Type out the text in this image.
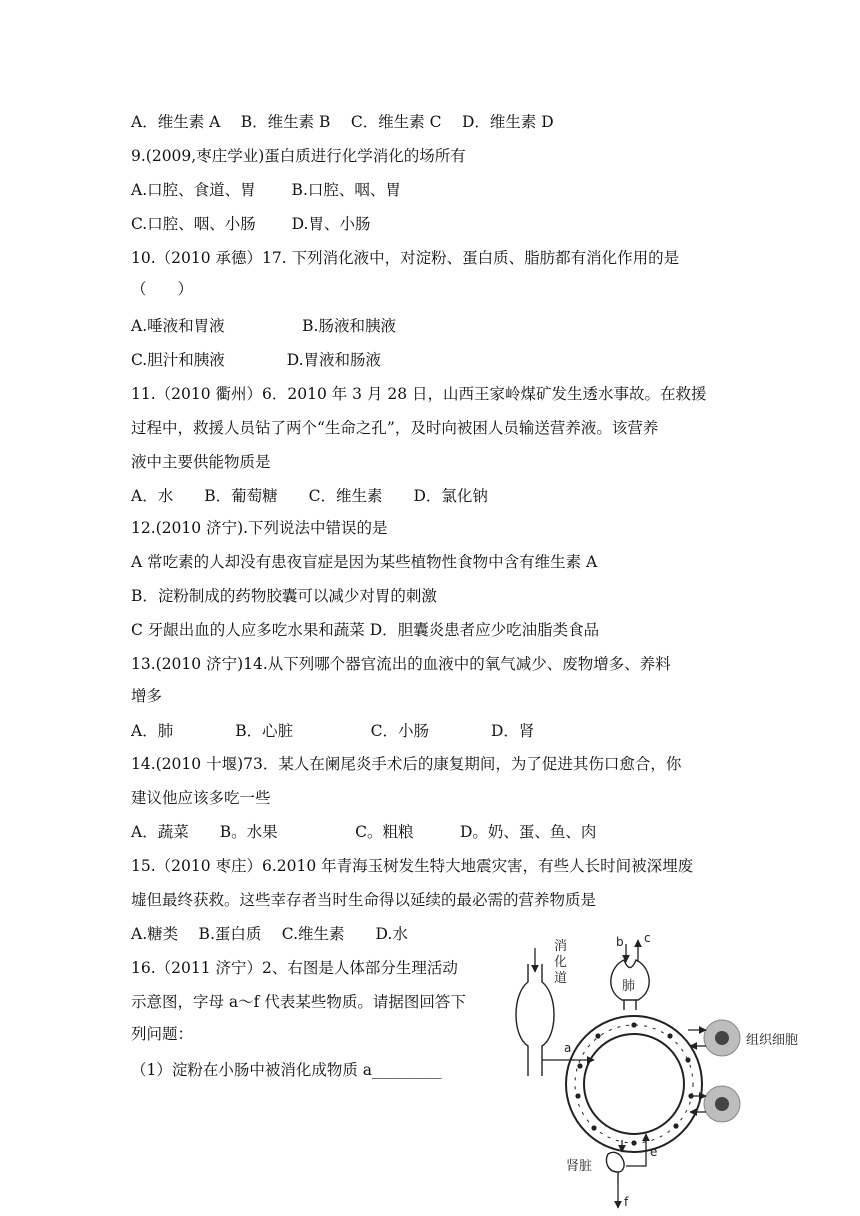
A．维生素 A　 B．维生素 B　 C．维生素 C　 D．维生素 D
9.(2009,枣庄学业)蛋白质进行化学消化的场所有
A.口腔、食道、胃　　 B.口腔、咽、胃
C.口腔、咽、小肠　　 D.胃、小肠
10.（2010 承德）17. 下列消化液中，对淀粉、蛋白质、脂肪都有消化作用的是
（　　）
A.唾液和胃液　　　　　B.肠液和胰液
C.胆汁和胰液　　　　D.胃液和肠液
11.（2010 衢州）6．2010 年 3 月 28 日，山西王家岭煤矿发生透水事故。在救援
过程中，救援人员钻了两个“生命之孔”，及时向被困人员输送营养液。该营养
液中主要供能物质是
A．水　　B．葡萄糖　　C．维生素　　D．氯化钠
12.(2010 济宁).下列说法中错误的是
A 常吃素的人却没有患夜盲症是因为某些植物性食物中含有维生素 A
B．淀粉制成的药物胶囊可以减少对胃的刺激
C 牙龈出血的人应多吃水果和蔬菜 D．胆囊炎患者应少吃油脂类食品
13.(2010 济宁)14.从下列哪个器官流出的血液中的氧气减少、废物增多、养料
增多
A．肺　　　　B．心脏　　　　　C．小肠　　　　D．肾
14.(2010 十堰)73．某人在阑尾炎手术后的康复期间，为了促进其伤口愈合，你
建议他应该多吃一些
A．蔬菜　　B。水果　　　　　C。粗粮　　　D。奶、蛋、鱼、肉
15.（2010 枣庄）6.2010 年青海玉树发生特大地震灾害，有些人长时间被深埋废
墟但最终获救。这些幸存者当时生命得以延续的最必需的营养物质是
A.糖类　 B.蛋白质　 C.维生素　　D.水
16.（2011 济宁）2、右图是人体部分生理活动
示意图，字母 a～f 代表某些物质。请据图回答下
列问题：
（1）淀粉在小肠中被消化成物质 a_________
消
化
道
a
肺
b c
组织细胞
肾脏
f
e
